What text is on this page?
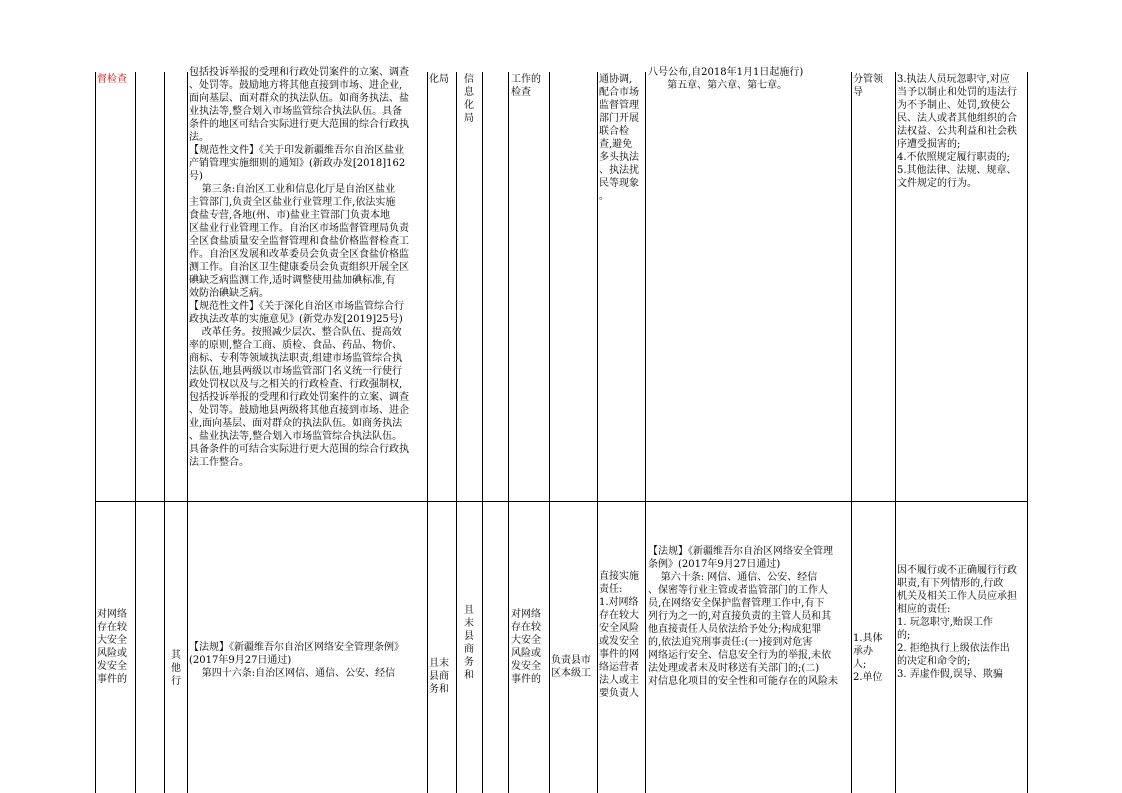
督检查
包括投诉举报的受理和行政处罚案件的立案、调查
、处罚等。鼓励地方将其他直接到市场、进企业,
面向基层、面对群众的执法队伍。如商务执法、盐
业执法等,整合划入市场监管综合执法队伍。具备
条件的地区可结合实际进行更大范围的综合行政执
法。
【规范性文件】《关于印发新疆维吾尔自治区盐业
产销管理实施细则的通知》(新政办发[2018]162
号)
第三条:自治区工业和信息化厅是自治区盐业
主管部门,负责全区盐业行业管理工作,依法实施
食盐专营,各地(州、市)盐业主管部门负责本地
区盐业行业管理工作。自治区市场监督管理局负责
全区食盐质量安全监督管理和食盐价格监督检查工
作。自治区发展和改革委员会负责全区食盐价格监
测工作。自治区卫生健康委员会负责组织开展全区
碘缺乏病监测工作,适时调整使用盐加碘标准,有
效防治碘缺乏病。
【规范性文件】《关于深化自治区市场监管综合行
政执法改革的实施意见》(新党办发[2019]25号)
改革任务。按照减少层次、整合队伍、提高效
率的原则,整合工商、质检、食品、药品、物价、
商标、专利等领域执法职责,组建市场监管综合执
法队伍,地县两级以市场监管部门名义统一行使行
政处罚权以及与之相关的行政检查、行政强制权,
包括投诉举报的受理和行政处罚案件的立案、调查
、处罚等。鼓励地县两级将其他直接到市场、进企
业,面向基层、面对群众的执法队伍。如商务执法
、盐业执法等,整合划入市场监管综合执法队伍。
具备条件的可结合实际进行更大范围的综合行政执
法工作整合。
化局	信
息
化
局
工作的
检查
通协调,
配合市场
监督管理
部门开展
联合检
查,避免
多头执法
、执法扰
民等现象
。
八号公布,自2018年1月1日起施行)
第五章、第六章、第七章。
分管领
导
3.执法人员玩忽职守,对应
当予以制止和处罚的违法行
为不予制止、处罚,致使公
民、法人或者其他组织的合
法权益、公共利益和社会秩
序遭受损害的;
4.不依照规定履行职责的;
5.其他法律、法规、规章、
文件规定的行为。
对网络
存在较
大安全
风险或
发安全
事件的
其
他
行
【法规】《新疆维吾尔自治区网络安全管理条例》
(2017年9月27日通过)
第四十六条:自治区网信、通信、公安、经信
且末
县商
务和
且
末
县
商
务
和
对网络
存在较
大安全
风险或
发安全
事件的
负责县市
区本级工
直接实施
责任:
1.对网络
存在较大
安全风险
或发安全
事件的网
络运营者
法人或主
要负责人
【法规】《新疆维吾尔自治区网络安全管理
条例》(2017年9月27日通过)
第六十条: 网信、通信、公安、经信
、保密等行业主管或者监管部门的工作人
员,在网络安全保护监督管理工作中,有下
列行为之一的,对直接负责的主管人员和其
他直接责任人员依法给予处分;构成犯罪
的,依法追究刑事责任:(一)接到对危害
网络运行安全、信息安全行为的举报,未依
法处理或者未及时移送有关部门的;(二)
对信息化项目的安全性和可能存在的风险未
1.具体
承办
人;
2.单位
因不履行或不正确履行行政
职责,有下列情形的,行政
机关及相关工作人员应承担
相应的责任:
1. 玩忽职守,贻误工作
的;
2. 拒绝执行上级依法作出
的决定和命令的;
3. 弄虚作假,误导、欺骗
